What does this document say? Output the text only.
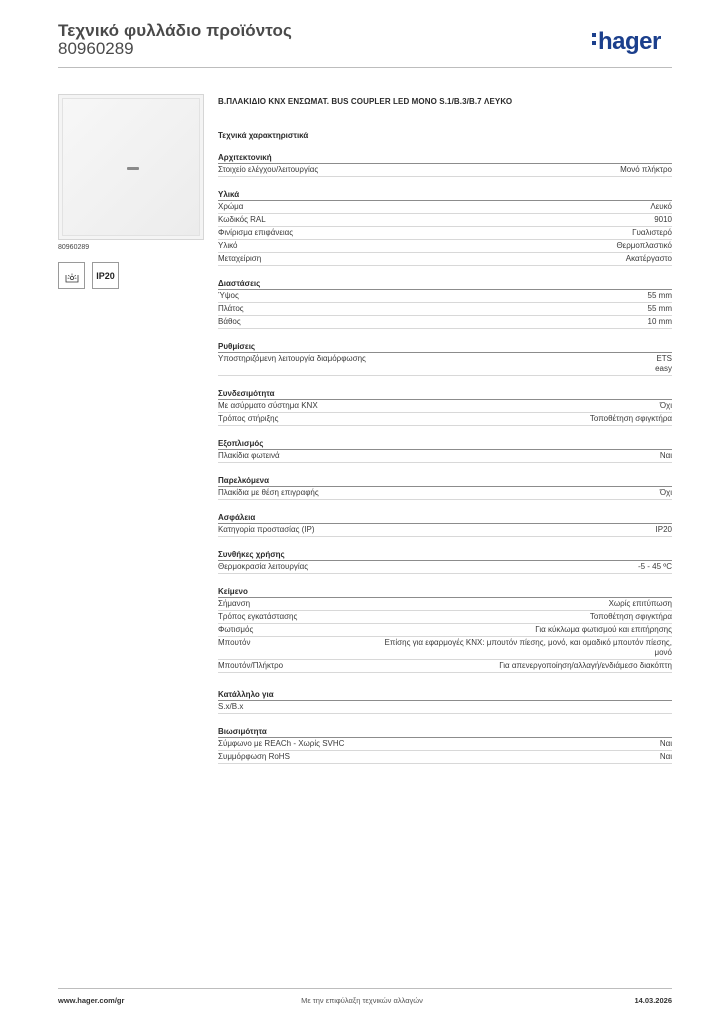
Τεχνικό φυλλάδιο προϊόντος
80960289	hager
80960289
IP20
Β.ΠΛΑΚΙΔΙΟ KNX ΕΝΣΩΜΑΤ. BUS COUPLER LED MONO S.1/B.3/B.7 ΛΕΥΚΟ
Τεχνικά χαρακτηριστικά
Αρχιτεκτονική
Στοιχείο ελέγχου/λειτουργίας	Μονό πλήκτρο
Υλικά
Χρώμα	Λευκό
Κωδικός RAL	9010
Φινίρισμα επιφάνειας	Γυαλιστερό
Υλικό	Θερμοπλαστικό
Μεταχείριση	Ακατέργαστο
Διαστάσεις
Ύψος	55 mm
Πλάτος	55 mm
Βάθος	10 mm
Ρυθμίσεις
Υποστηριζόμενη λειτουργία διαμόρφωσης	ETS
easy
Συνδεσιμότητα
Με ασύρματο σύστημα KNX	Όχι
Τρόπος στήριξης	Τοποθέτηση σφιγκτήρα
Εξοπλισμός
Πλακίδια φωτεινά	Ναι
Παρελκόμενα
Πλακίδια με θέση επιγραφής	Όχι
Ασφάλεια
Κατηγορία προστασίας (IP)	IP20
Συνθήκες χρήσης
Θερμοκρασία λειτουργίας	-5 - 45 ºC
Κείμενο
Σήμανση	Χωρίς επιτύπωση
Τρόπος εγκατάστασης	Τοποθέτηση σφιγκτήρα
Φωτισμός	Για κύκλωμα φωτισμού και επιτήρησης
Μπουτόν	Επίσης για εφαρμογές KNX: μπουτόν πίεσης, μονό, και ομαδικό μπουτόν πίεσης, μονό
Μπουτόν/Πλήκτρο	Για απενεργοποίηση/αλλαγή/ενδιάμεσο διακόπτη
Κατάλληλο για
S.x/B.x
Βιωσιμότητα
Σύμφωνο με REACh - Χωρίς SVHC	Ναι
Συμμόρφωση RoHS	Ναι
www.hager.com/gr	Με την επιφύλαξη τεχνικών αλλαγών	14.03.2026
